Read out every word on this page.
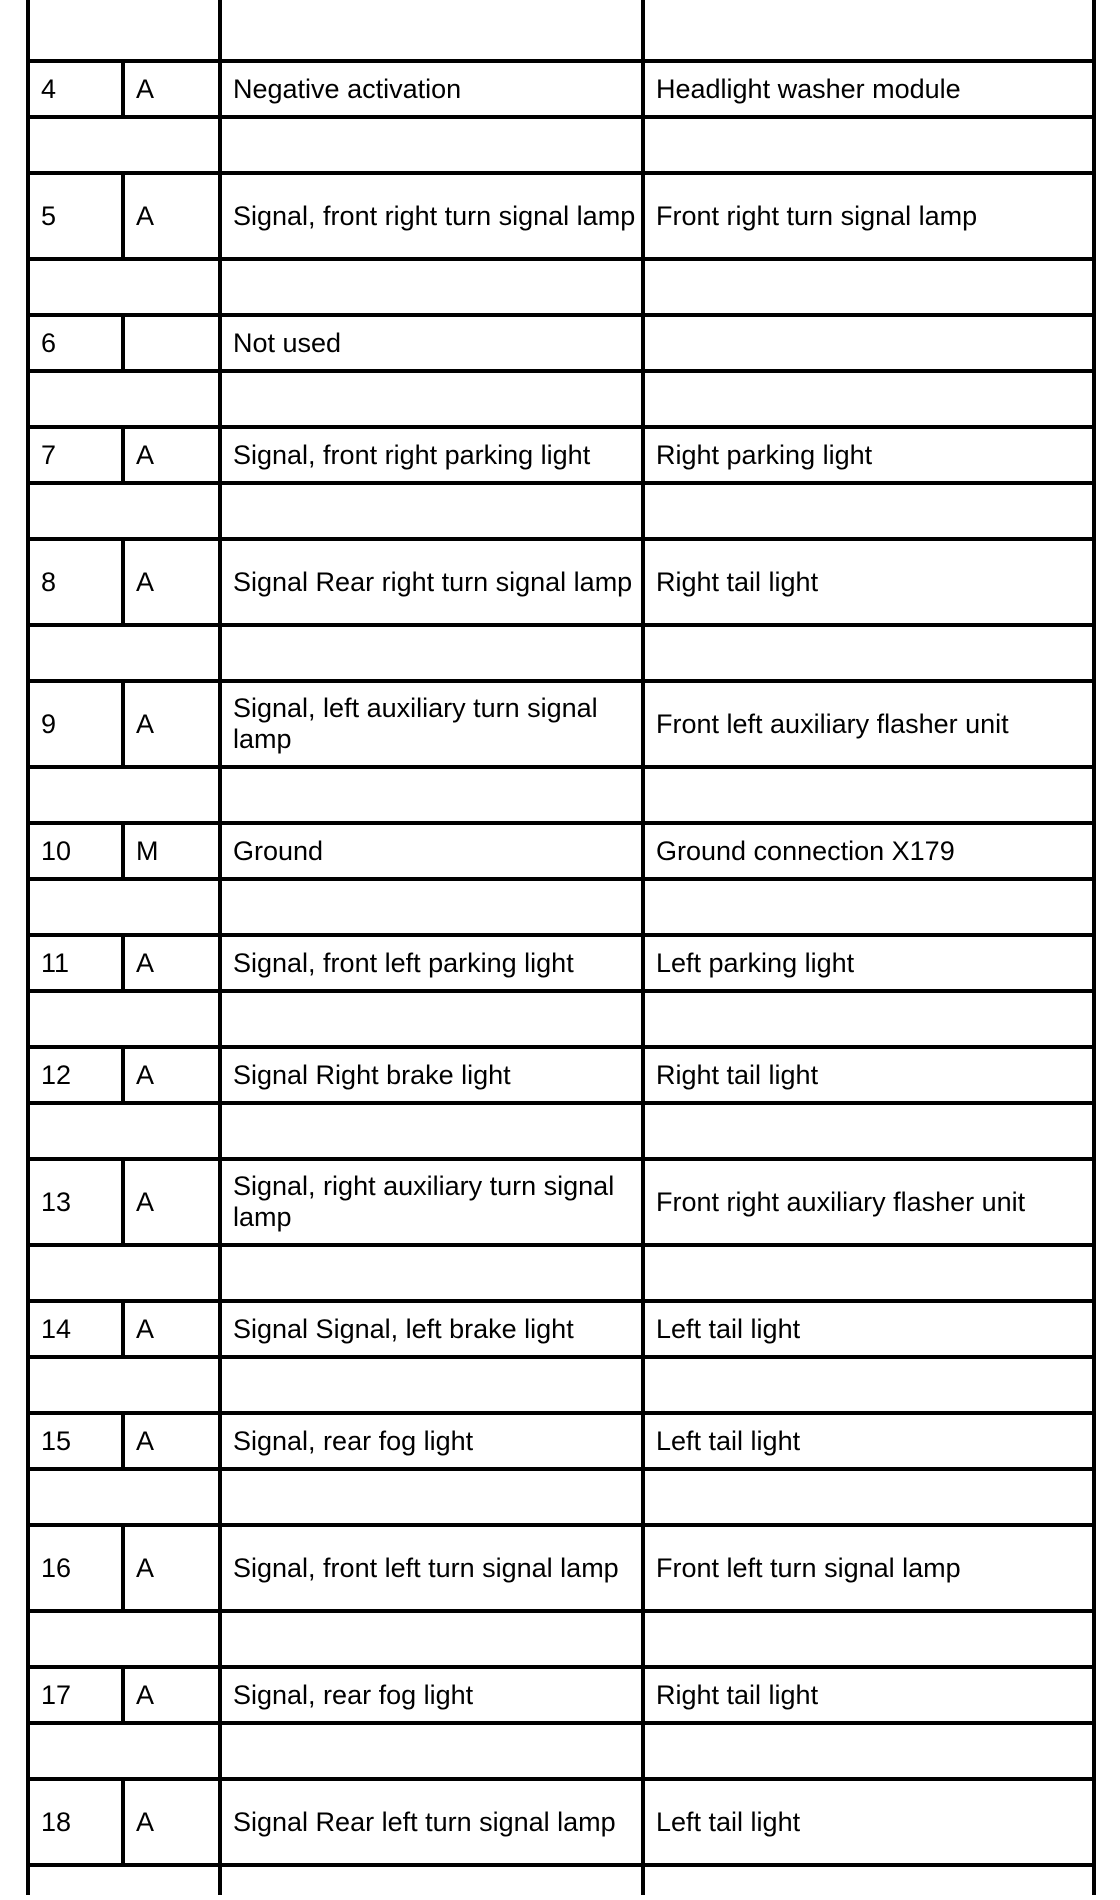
4	A	Negative activation	Headlight washer module

5	A	Signal, front right turn signal lamp	Front right turn signal lamp

6		Not used	

7	A	Signal, front right parking light	Right parking light

8	A	Signal Rear right turn signal lamp	Right tail light

9	A	Signal, left auxiliary turn signal lamp	Front left auxiliary flasher unit

10	M	Ground	Ground connection X179

11	A	Signal, front left parking light	Left parking light

12	A	Signal Right brake light	Right tail light

13	A	Signal, right auxiliary turn signal lamp	Front right auxiliary flasher unit

14	A	Signal Signal, left brake light	Left tail light

15	A	Signal, rear fog light	Left tail light

16	A	Signal, front left turn signal lamp	Front left turn signal lamp

17	A	Signal, rear fog light	Right tail light

18	A	Signal Rear left turn signal lamp	Left tail light
